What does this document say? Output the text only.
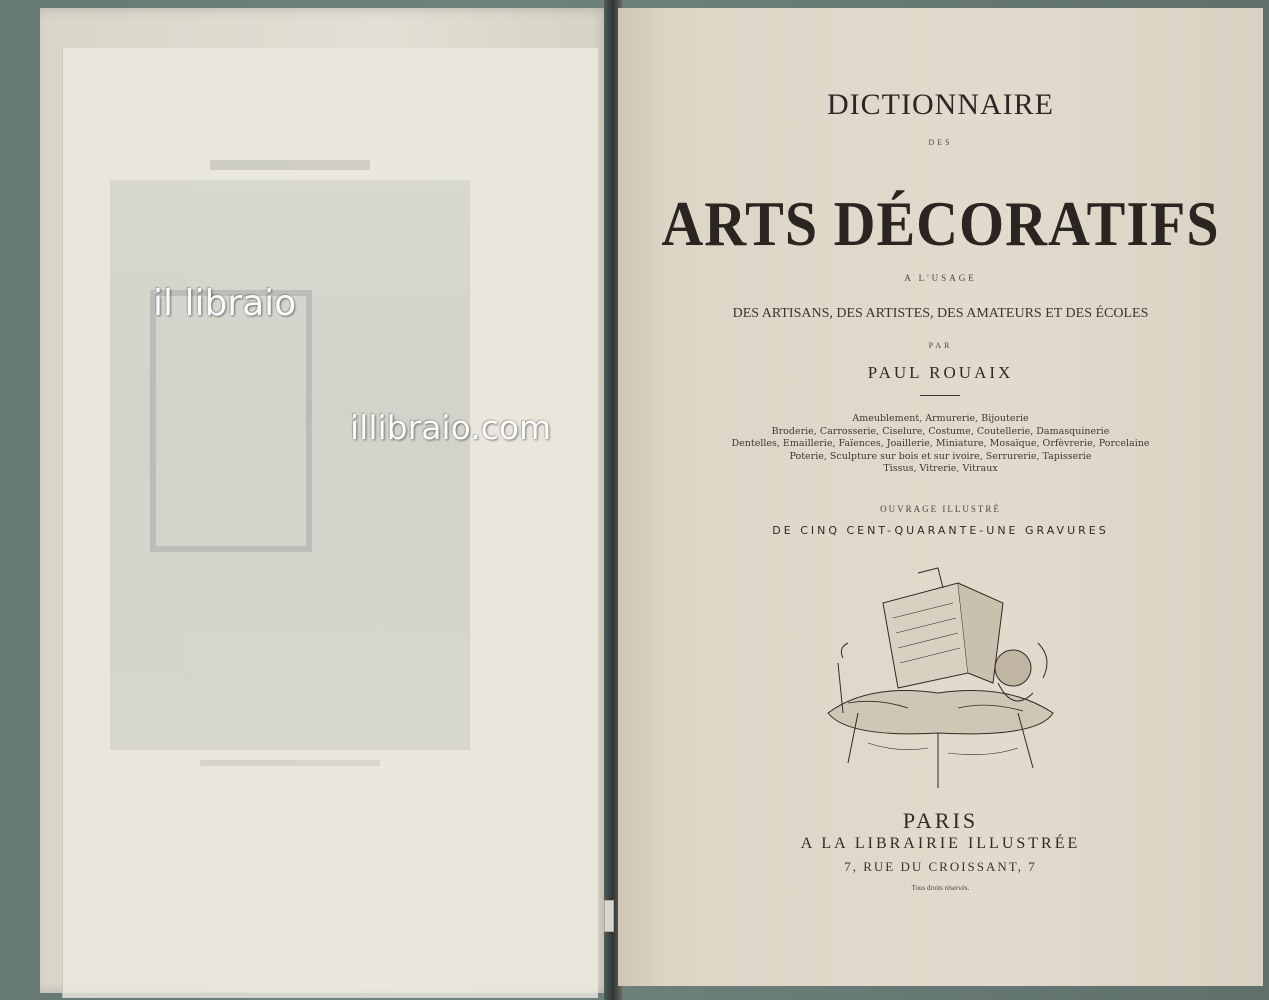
il libraio
illibraio.com
DICTIONNAIRE
DES
ARTS DÉCORATIFS
A L'USAGE
DES ARTISANS, DES ARTISTES, DES AMATEURS ET DES ÉCOLES
PAR
PAUL ROUAIX
Ameublement, Armurerie, Bijouterie
Broderie, Carrosserie, Ciselure, Costume, Coutellerie, Damasquinerie
Dentelles, Emaillerie, Faïences, Joaillerie, Miniature, Mosaïque, Orfèvrerie, Porcelaine
Poterie, Sculpture sur bois et sur ivoire, Serrurerie, Tapisserie
Tissus, Vitrerie, Vitraux
OUVRAGE ILLUSTRÉ
DE CINQ CENT-QUARANTE-UNE GRAVURES
PARIS
A LA LIBRAIRIE ILLUSTRÉE
7, RUE DU CROISSANT, 7
Tous droits réservés.
